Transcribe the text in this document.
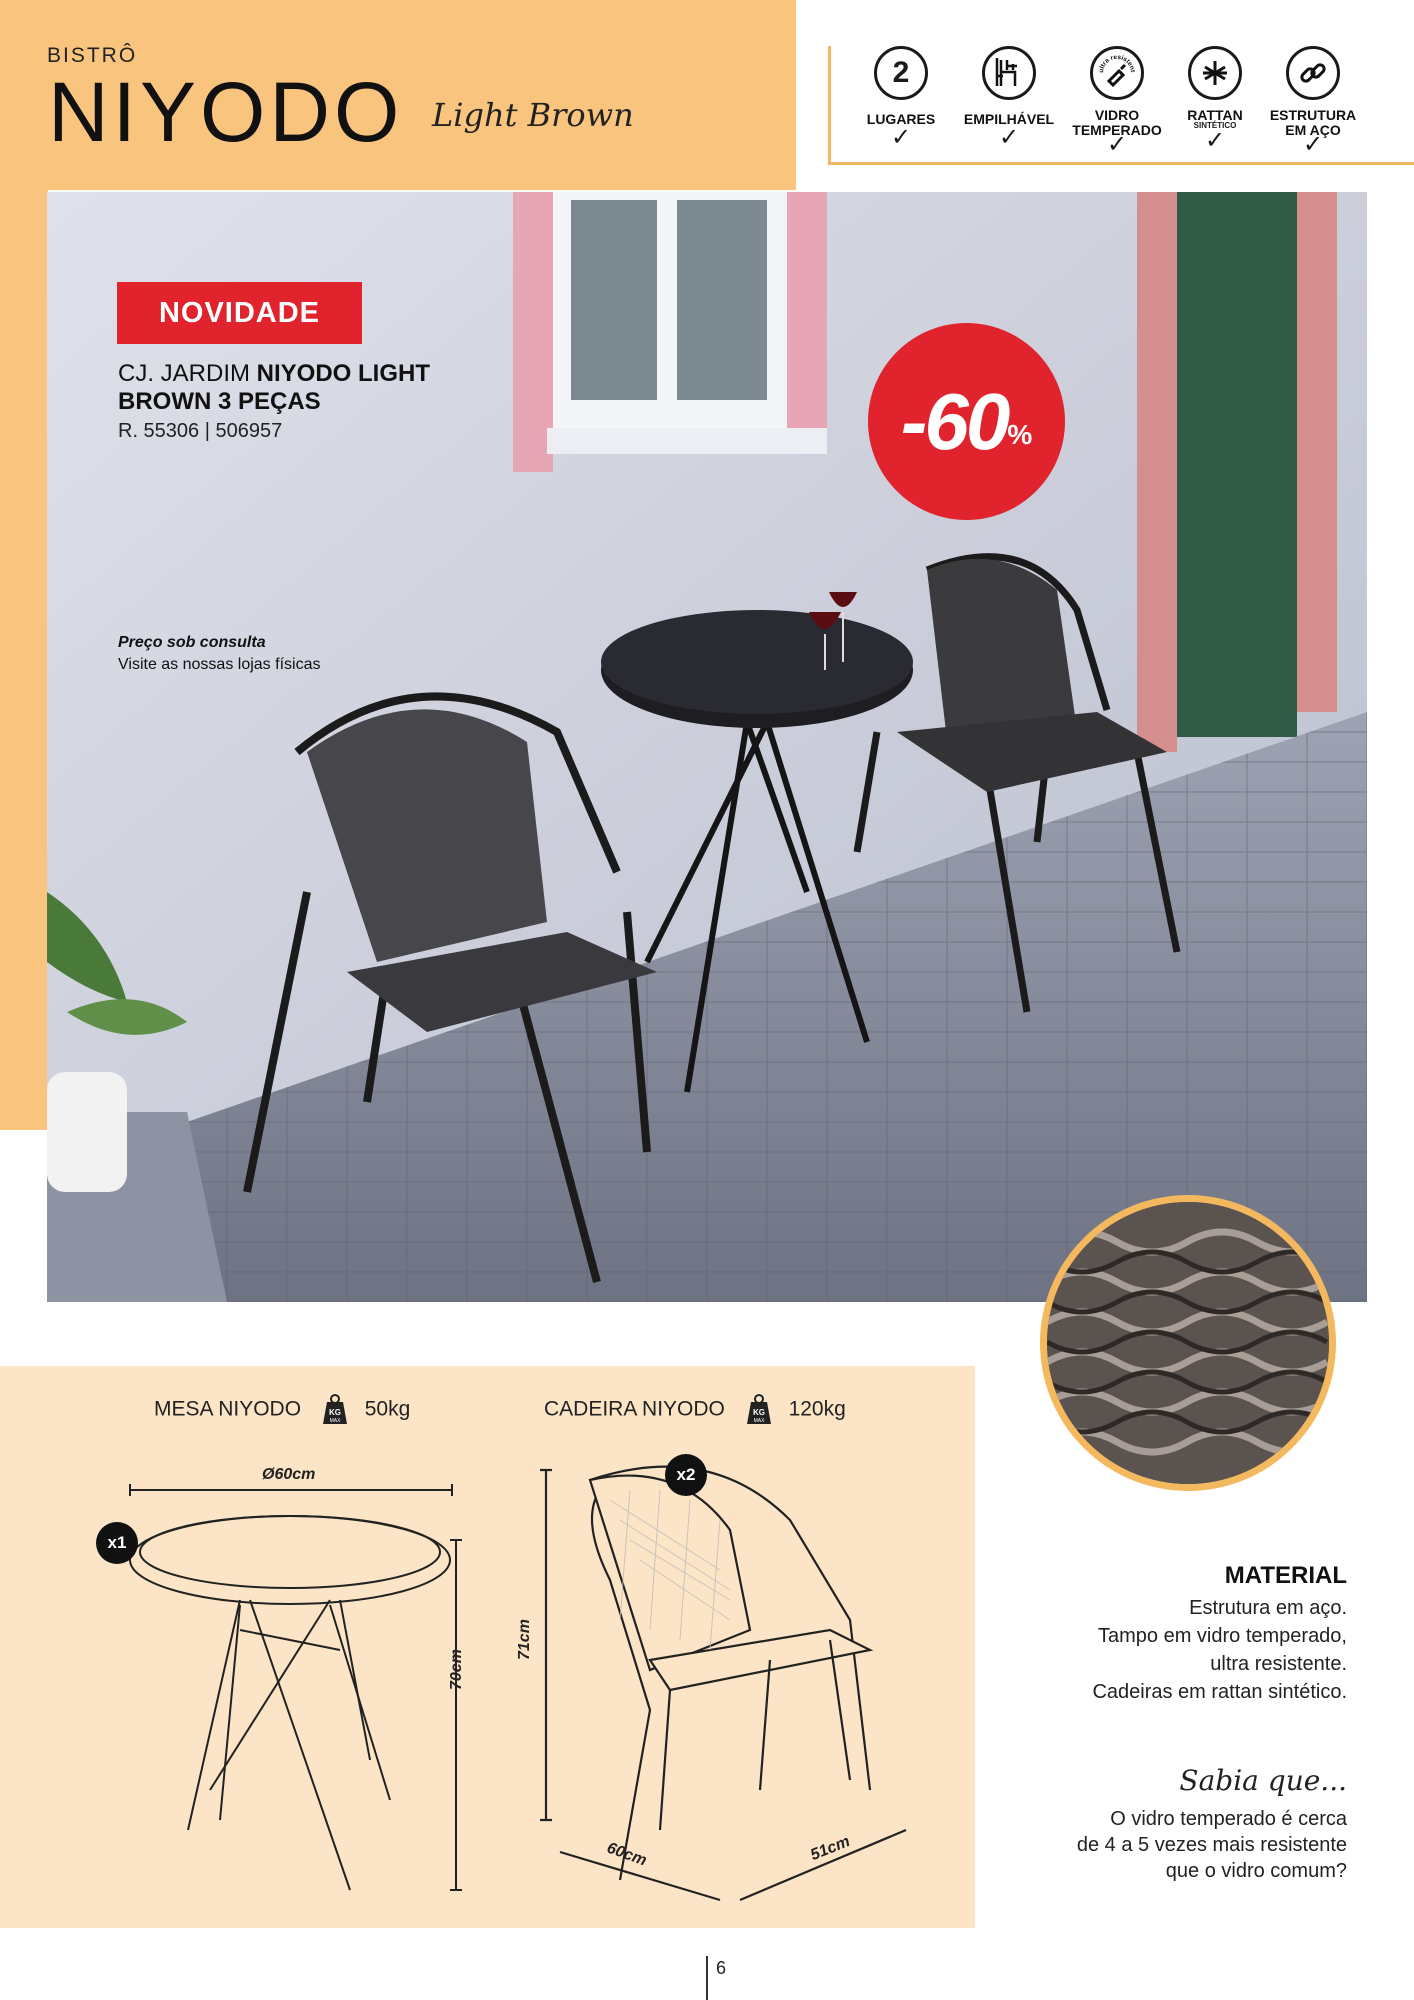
BISTRÔ
NIYODO Light Brown
2
LUGARES
✓
EMPILHÁVEL
✓
ultra resistent
VIDRO
TEMPERADO
✓
RATTAN
SINTÉTICO
✓
ESTRUTURA
EM AÇO
✓
NOVIDADE
CJ. JARDIM NIYODO LIGHT
BROWN 3 PEÇAS
R. 55306 | 506957
Preço sob consulta
Visite as nossas lojas físicas
-60 %
MESA NIYODO	KG
MAX
50kg	CADEIRA NIYODO	KG
MAX
120kg
Ø60cm
70cm
x1
x2
71cm
60cm	51cm
MATERIAL
Estrutura em aço.
Tampo em vidro temperado,
ultra resistente.
Cadeiras em rattan sintético.
Sabia que...
O vidro temperado é cerca
de 4 a 5 vezes mais resistente
que o vidro comum?
6
